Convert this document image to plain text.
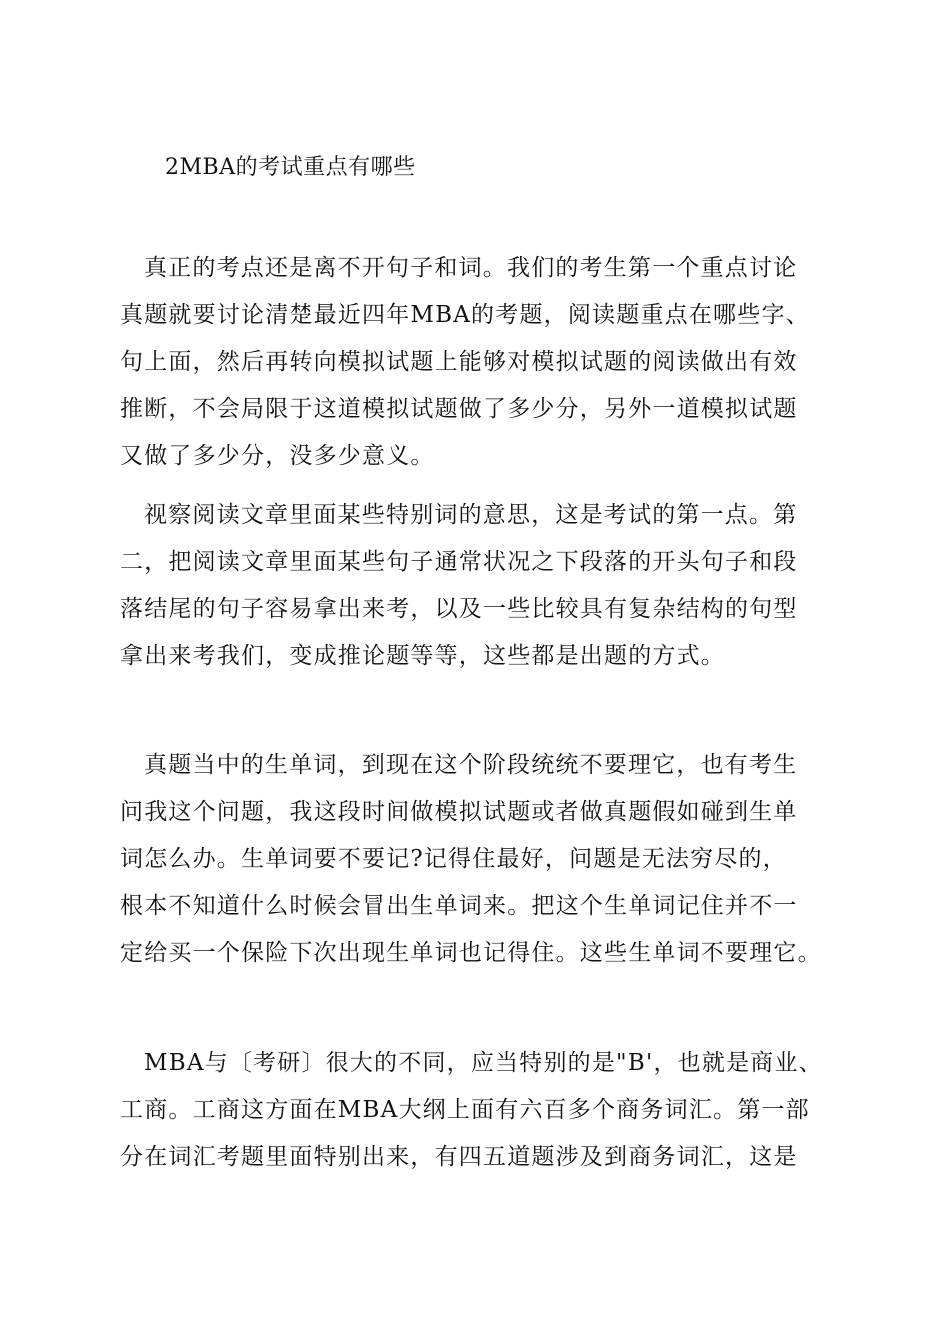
2MBA的考试重点有哪些
真正的考点还是离不开句子和词。我们的考生第一个重点讨论
真题就要讨论清楚最近四年MBA的考题，阅读题重点在哪些字、
句上面，然后再转向模拟试题上能够对模拟试题的阅读做出有效
推断，不会局限于这道模拟试题做了多少分，另外一道模拟试题
又做了多少分，没多少意义。
视察阅读文章里面某些特别词的意思，这是考试的第一点。第
二，把阅读文章里面某些句子通常状况之下段落的开头句子和段
落结尾的句子容易拿出来考，以及一些比较具有复杂结构的句型
拿出来考我们，变成推论题等等，这些都是出题的方式。
真题当中的生单词，到现在这个阶段统统不要理它，也有考生
问我这个问题，我这段时间做模拟试题或者做真题假如碰到生单
词怎么办。生单词要不要记?记得住最好，问题是无法穷尽的，
根本不知道什么时候会冒出生单词来。把这个生单词记住并不一
定给买一个保险下次出现生单词也记得住。这些生单词不要理它。
MBA与〔考研〕很大的不同，应当特别的是"B'，也就是商业、
工商。工商这方面在MBA大纲上面有六百多个商务词汇。第一部
分在词汇考题里面特别出来，有四五道题涉及到商务词汇，这是
